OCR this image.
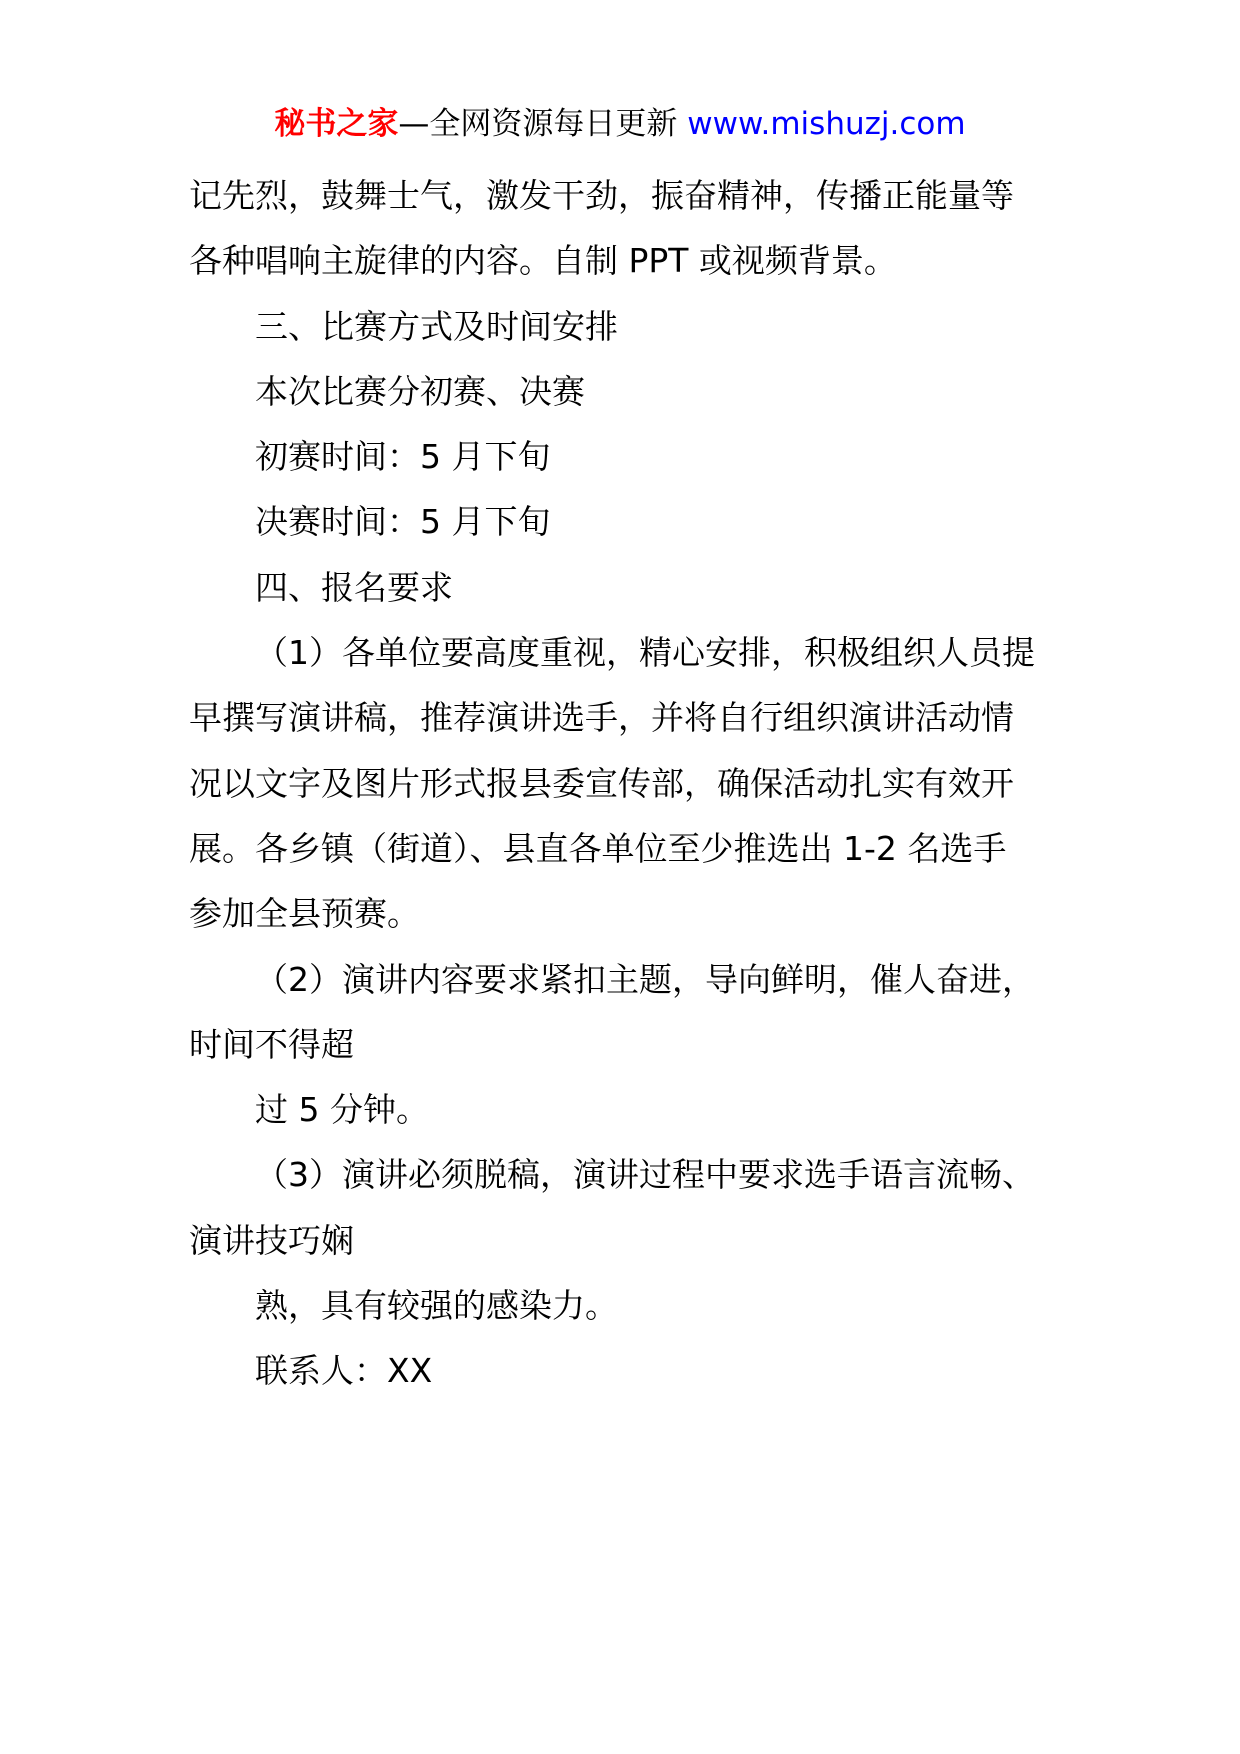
秘书之家—全网资源每日更新 www.mishuzj.com
记先烈，鼓舞士气，激发干劲，振奋精神，传播正能量等
各种唱响主旋律的内容。自制 PPT 或视频背景。
三、比赛方式及时间安排
本次比赛分初赛、决赛
初赛时间：5 月下旬
决赛时间：5 月下旬
四、报名要求
（1）各单位要高度重视，精心安排，积极组织人员提
早撰写演讲稿，推荐演讲选手，并将自行组织演讲活动情
况以文字及图片形式报县委宣传部，确保活动扎实有效开
展。各乡镇（街道）、县直各单位至少推选出 1-2 名选手
参加全县预赛。
（2）演讲内容要求紧扣主题，导向鲜明，催人奋进，
时间不得超
过 5 分钟。
（3）演讲必须脱稿，演讲过程中要求选手语言流畅、
演讲技巧娴
熟，具有较强的感染力。
联系人：XX
